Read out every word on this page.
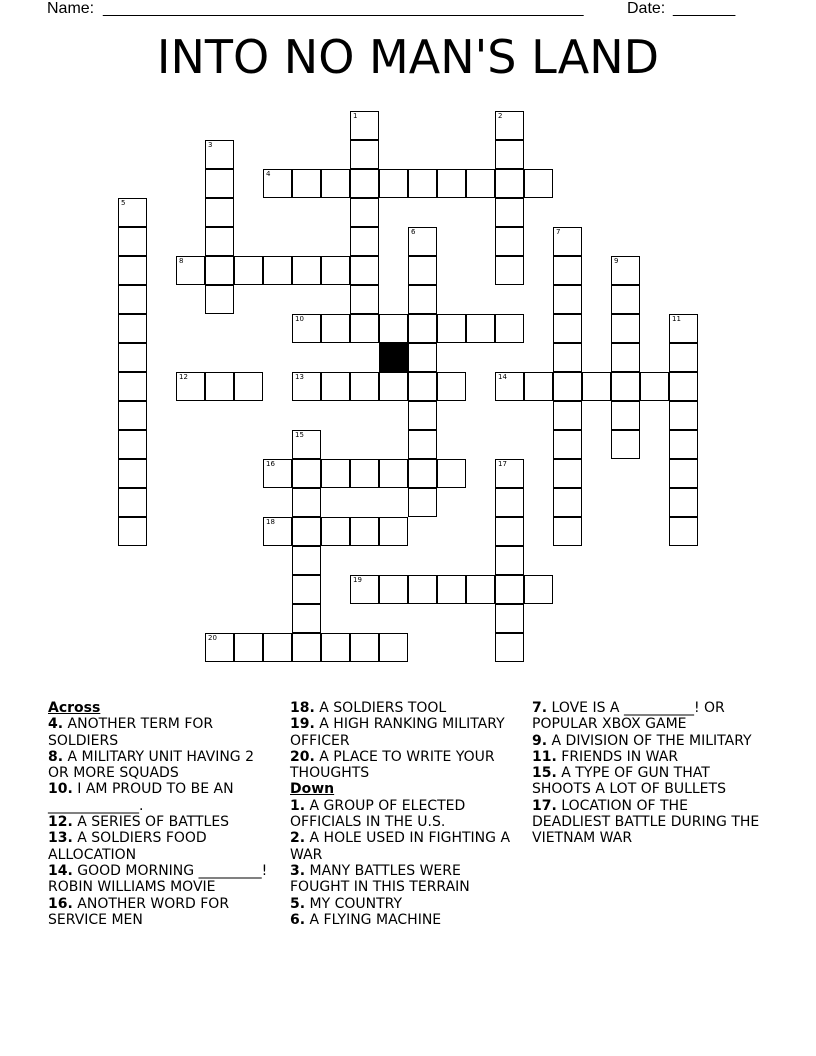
Name: ______________________________________________________	Date: _______
INTO NO MAN'S LAND
1	2
3
4
5
6	7
8	9
10	11
12	13	14
15
16	17
18
19
20

Across

4. ANOTHER TERM FOR SOLDIERS

8. A MILITARY UNIT HAVING 2 OR MORE SQUADS

10. I AM PROUD TO BE AN _____________.

12. A SERIES OF BATTLES

13. A SOLDIERS FOOD ALLOCATION

14. GOOD MORNING _________! ROBIN WILLIAMS MOVIE

16. ANOTHER WORD FOR SERVICE MEN

18. A SOLDIERS TOOL

19. A HIGH RANKING MILITARY OFFICER

20. A PLACE TO WRITE YOUR THOUGHTS

Down

1. A GROUP OF ELECTED OFFICIALS IN THE U.S.

2. A HOLE USED IN FIGHTING A WAR

3. MANY BATTLES WERE FOUGHT IN THIS TERRAIN

5. MY COUNTRY

6. A FLYING MACHINE

7. LOVE IS A __________! OR POPULAR XBOX GAME

9. A DIVISION OF THE MILITARY

11. FRIENDS IN WAR

15. A TYPE OF GUN THAT SHOOTS A LOT OF BULLETS

17. LOCATION OF THE DEADLIEST BATTLE DURING THE VIETNAM WAR
